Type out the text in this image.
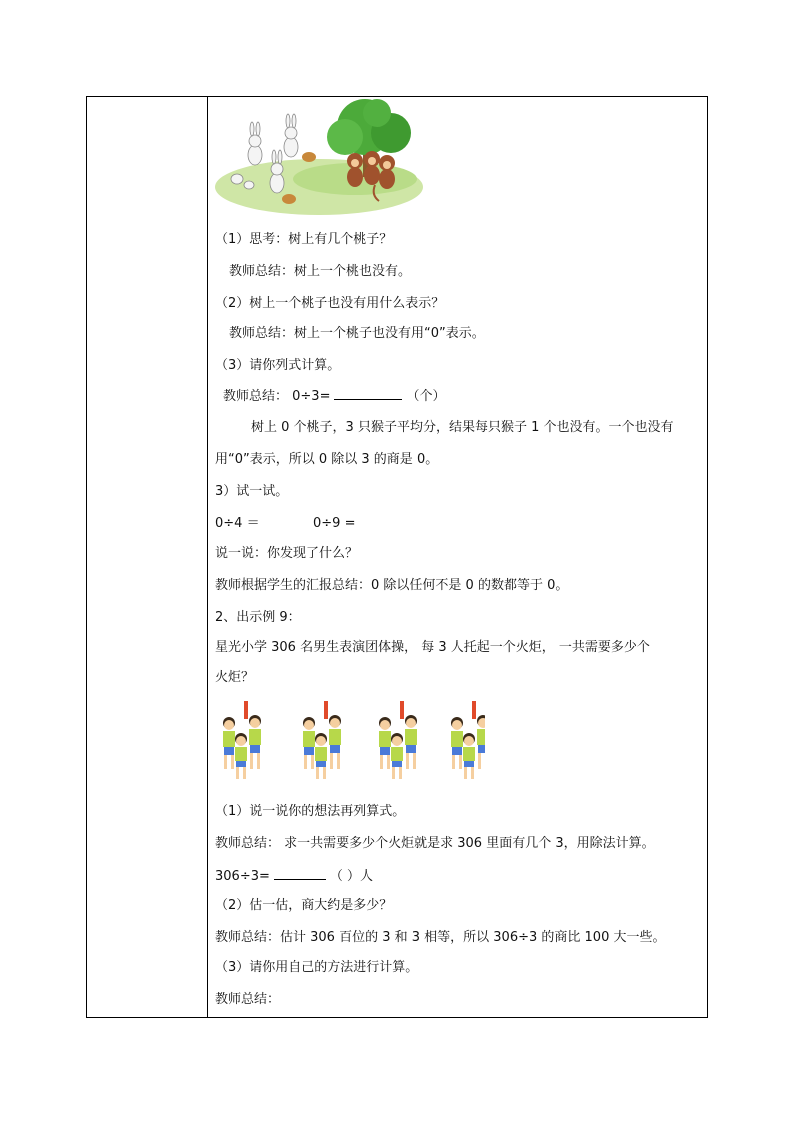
（1）思考：树上有几个桃子？
教师总结：树上一个桃也没有。
（2）树上一个桃子也没有用什么表示？
教师总结：树上一个桃子也没有用“0”表示。
（3）请你列式计算。
教师总结： 0÷3=	（个）
树上 0 个桃子，3 只猴子平均分，结果每只猴子 1 个也没有。一个也没有
用“0”表示，所以 0 除以 3 的商是 0。
3）试一试。
0÷4 ＝	0÷9 =
说一说：你发现了什么？
教师根据学生的汇报总结：0 除以任何不是 0 的数都等于 0。
2、出示例 9：
星光小学 306 名男生表演团体操， 每 3 人托起一个火炬， 一共需要多少个
火炬？
（1）说一说你的想法再列算式。
教师总结： 求一共需要多少个火炬就是求 306 里面有几个 3，用除法计算。
306÷3=	（ ）人
（2）估一估，商大约是多少？
教师总结：估计 306 百位的 3 和 3 相等，所以 306÷3 的商比 100 大一些。
（3）请你用自己的方法进行计算。
教师总结：
